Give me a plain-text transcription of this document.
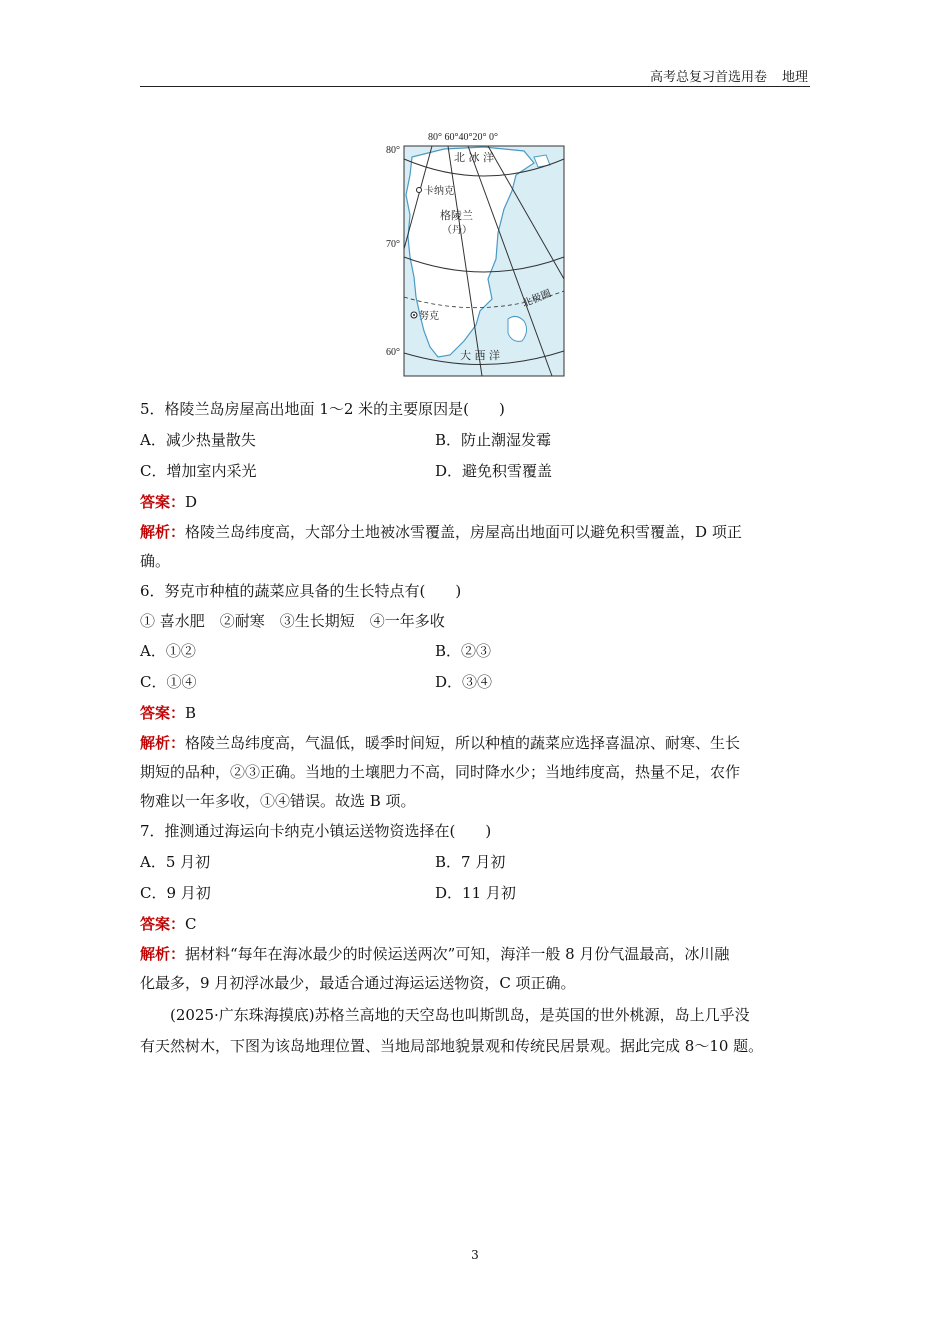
高考总复习首选用卷　 地理
80° 60°40°20° 0°
80°
70°
60°
北 冰 洋
格陵兰
（丹）
卡纳克
北极圈
努克
大 西 洋
5．格陵兰岛房屋高出地面 1～2 米的主要原因是(　　)
A．减少热量散失	B．防止潮湿发霉
C．增加室内采光	D．避免积雪覆盖
答案：D
解析：格陵兰岛纬度高，大部分土地被冰雪覆盖，房屋高出地面可以避免积雪覆盖，D 项正
确。
6．努克市种植的蔬菜应具备的生长特点有(　　)
① 喜水肥　②耐寒　③生长期短　④一年多收
A．①②	B．②③
C．①④	D．③④
答案：B
解析：格陵兰岛纬度高，气温低，暖季时间短，所以种植的蔬菜应选择喜温凉、耐寒、生长
期短的品种，②③正确。当地的土壤肥力不高，同时降水少；当地纬度高，热量不足，农作
物难以一年多收，①④错误。故选 B 项。
7．推测通过海运向卡纳克小镇运送物资选择在(　　)
A．5 月初	B．7 月初
C．9 月初	D．11 月初
答案：C
解析：据材料“每年在海冰最少的时候运送两次”可知，海洋一般 8 月份气温最高，冰川融
化最多，9 月初浮冰最少，最适合通过海运运送物资，C 项正确。
(2025·广东珠海摸底)苏格兰高地的天空岛也叫斯凯岛，是英国的世外桃源，岛上几乎没
有天然树木，下图为该岛地理位置、当地局部地貌景观和传统民居景观。据此完成 8～10 题。
3
